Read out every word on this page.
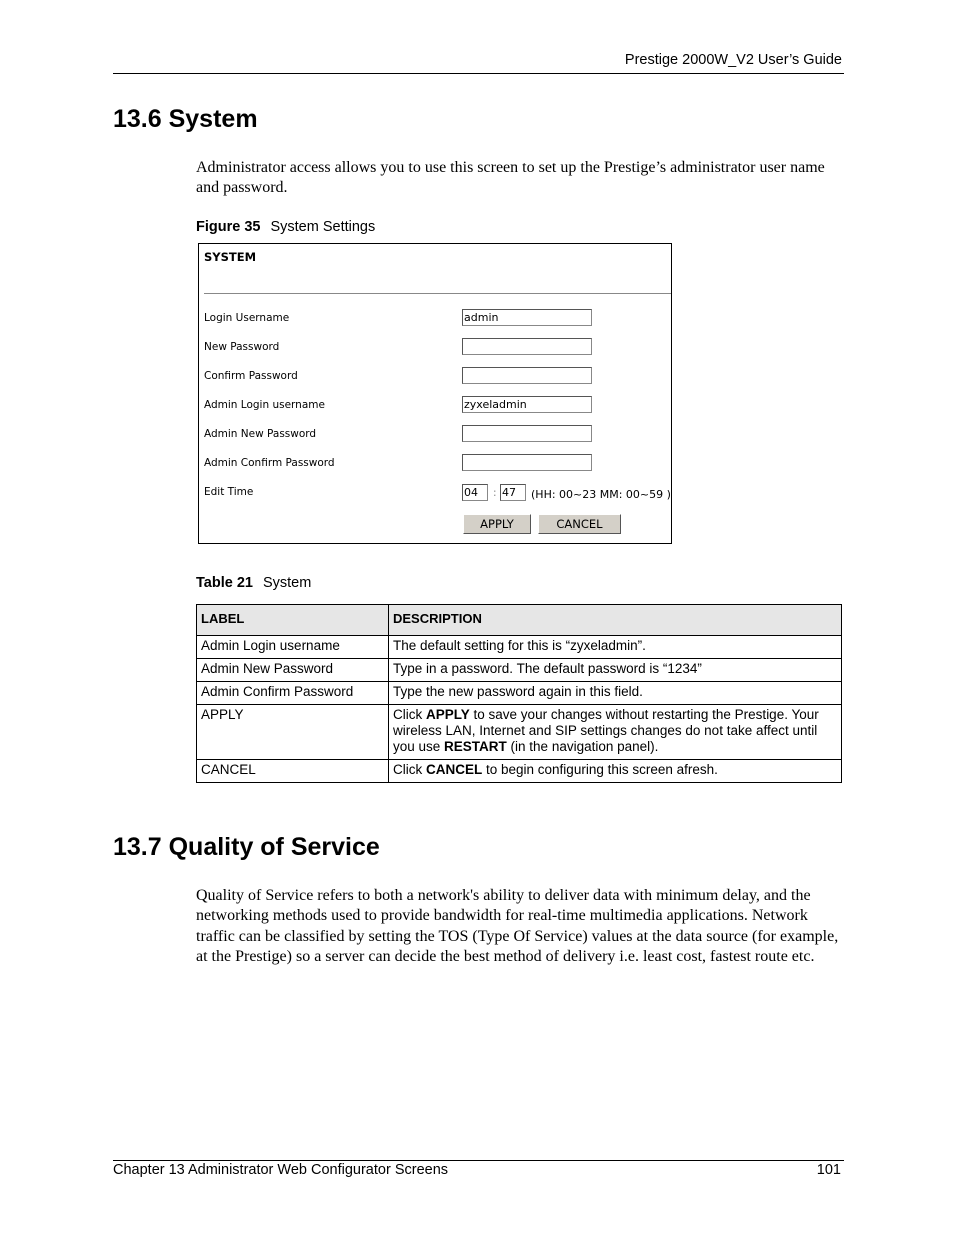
Prestige 2000W_V2 User’s Guide
13.6 System
Administrator access allows you to use this screen to set up the Prestige’s administrator user name and password.
Figure 35 System Settings
SYSTEM
Login Username	admin
New Password
Confirm Password
Admin Login username	zyxeladmin
Admin New Password
Admin Confirm Password
Edit Time	04	: 47	(HH: 00~23 MM: 00~59 )
APPLY	CANCEL
Table 21 System
LABEL	DESCRIPTION
Admin Login username	The default setting for this is “zyxeladmin”.
Admin New Password	Type in a password. The default password is “1234”
Admin Confirm Password	Type the new password again in this field.
APPLY	Click APPLY to save your changes without restarting the Prestige. Your wireless LAN, Internet and SIP settings changes do not take affect until you use RESTART (in the navigation panel).
CANCEL	Click CANCEL to begin configuring this screen afresh.
13.7 Quality of Service
Quality of Service refers to both a network's ability to deliver data with minimum delay, and the networking methods used to provide bandwidth for real-time multimedia applications. Network traffic can be classified by setting the TOS (Type Of Service) values at the data source (for example, at the Prestige) so a server can decide the best method of delivery i.e. least cost, fastest route etc.
Chapter 13 Administrator Web Configurator Screens	101
